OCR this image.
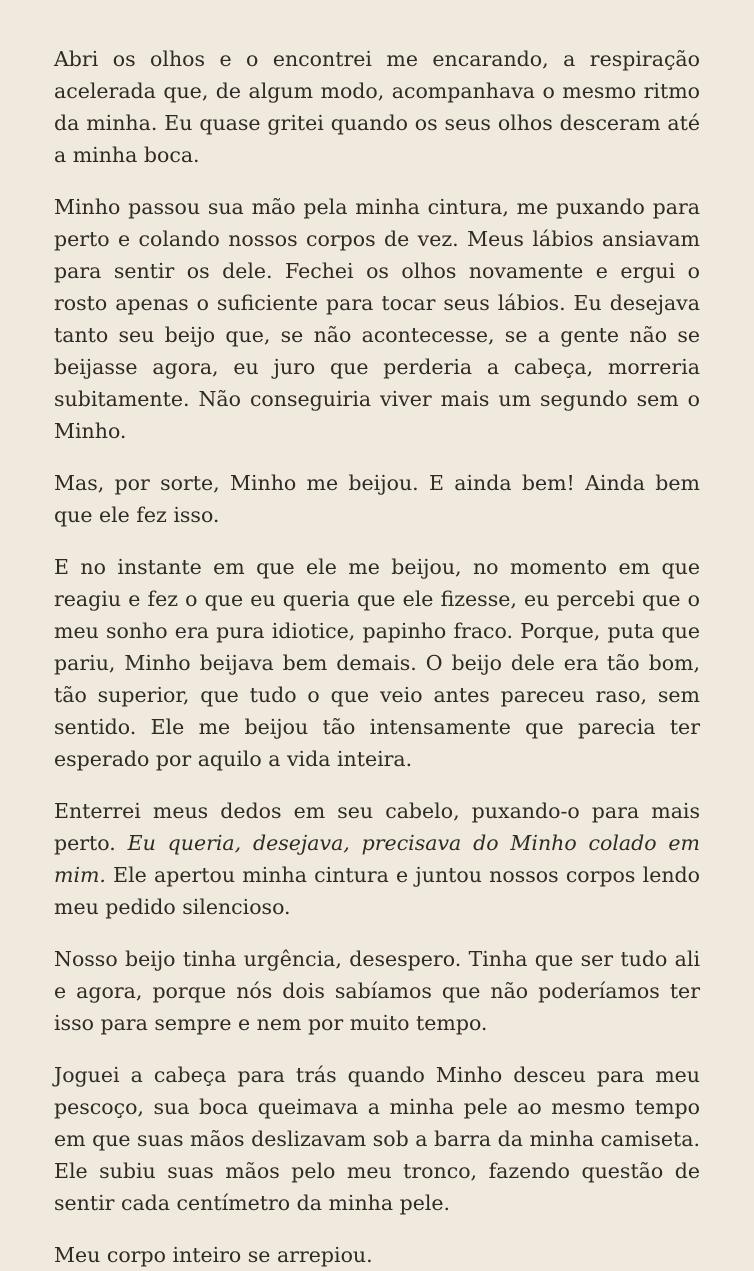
Abri os olhos e o encontrei me encarando, a respiração acelerada que, de algum modo, acompanhava o mesmo ritmo da minha. Eu quase gritei quando os seus olhos desceram até a minha boca.

Minho passou sua mão pela minha cintura, me puxando para perto e colando nossos corpos de vez. Meus lábios ansiavam para sentir os dele. Fechei os olhos novamente e ergui o rosto apenas o suficiente para tocar seus lábios. Eu desejava tanto seu beijo que, se não acontecesse, se a gente não se beijasse agora, eu juro que perderia a cabeça, morreria subitamente. Não conseguiria viver mais um segundo sem o Minho.

Mas, por sorte, Minho me beijou. E ainda bem! Ainda bem que ele fez isso.

E no instante em que ele me beijou, no momento em que reagiu e fez o que eu queria que ele fizesse, eu percebi que o meu sonho era pura idiotice, papinho fraco. Porque, puta que pariu, Minho beijava bem demais. O beijo dele era tão bom, tão superior, que tudo o que veio antes pareceu raso, sem sentido. Ele me beijou tão intensamente que parecia ter esperado por aquilo a vida inteira.

Enterrei meus dedos em seu cabelo, puxando-o para mais perto. Eu queria, desejava, precisava do Minho colado em mim. Ele apertou minha cintura e juntou nossos corpos lendo meu pedido silencioso.

Nosso beijo tinha urgência, desespero. Tinha que ser tudo ali e agora, porque nós dois sabíamos que não poderíamos ter isso para sempre e nem por muito tempo.

Joguei a cabeça para trás quando Minho desceu para meu pescoço, sua boca queimava a minha pele ao mesmo tempo em que suas mãos deslizavam sob a barra da minha camiseta. Ele subiu suas mãos pelo meu tronco, fazendo questão de sentir cada centímetro da minha pele.

Meu corpo inteiro se arrepiou.
